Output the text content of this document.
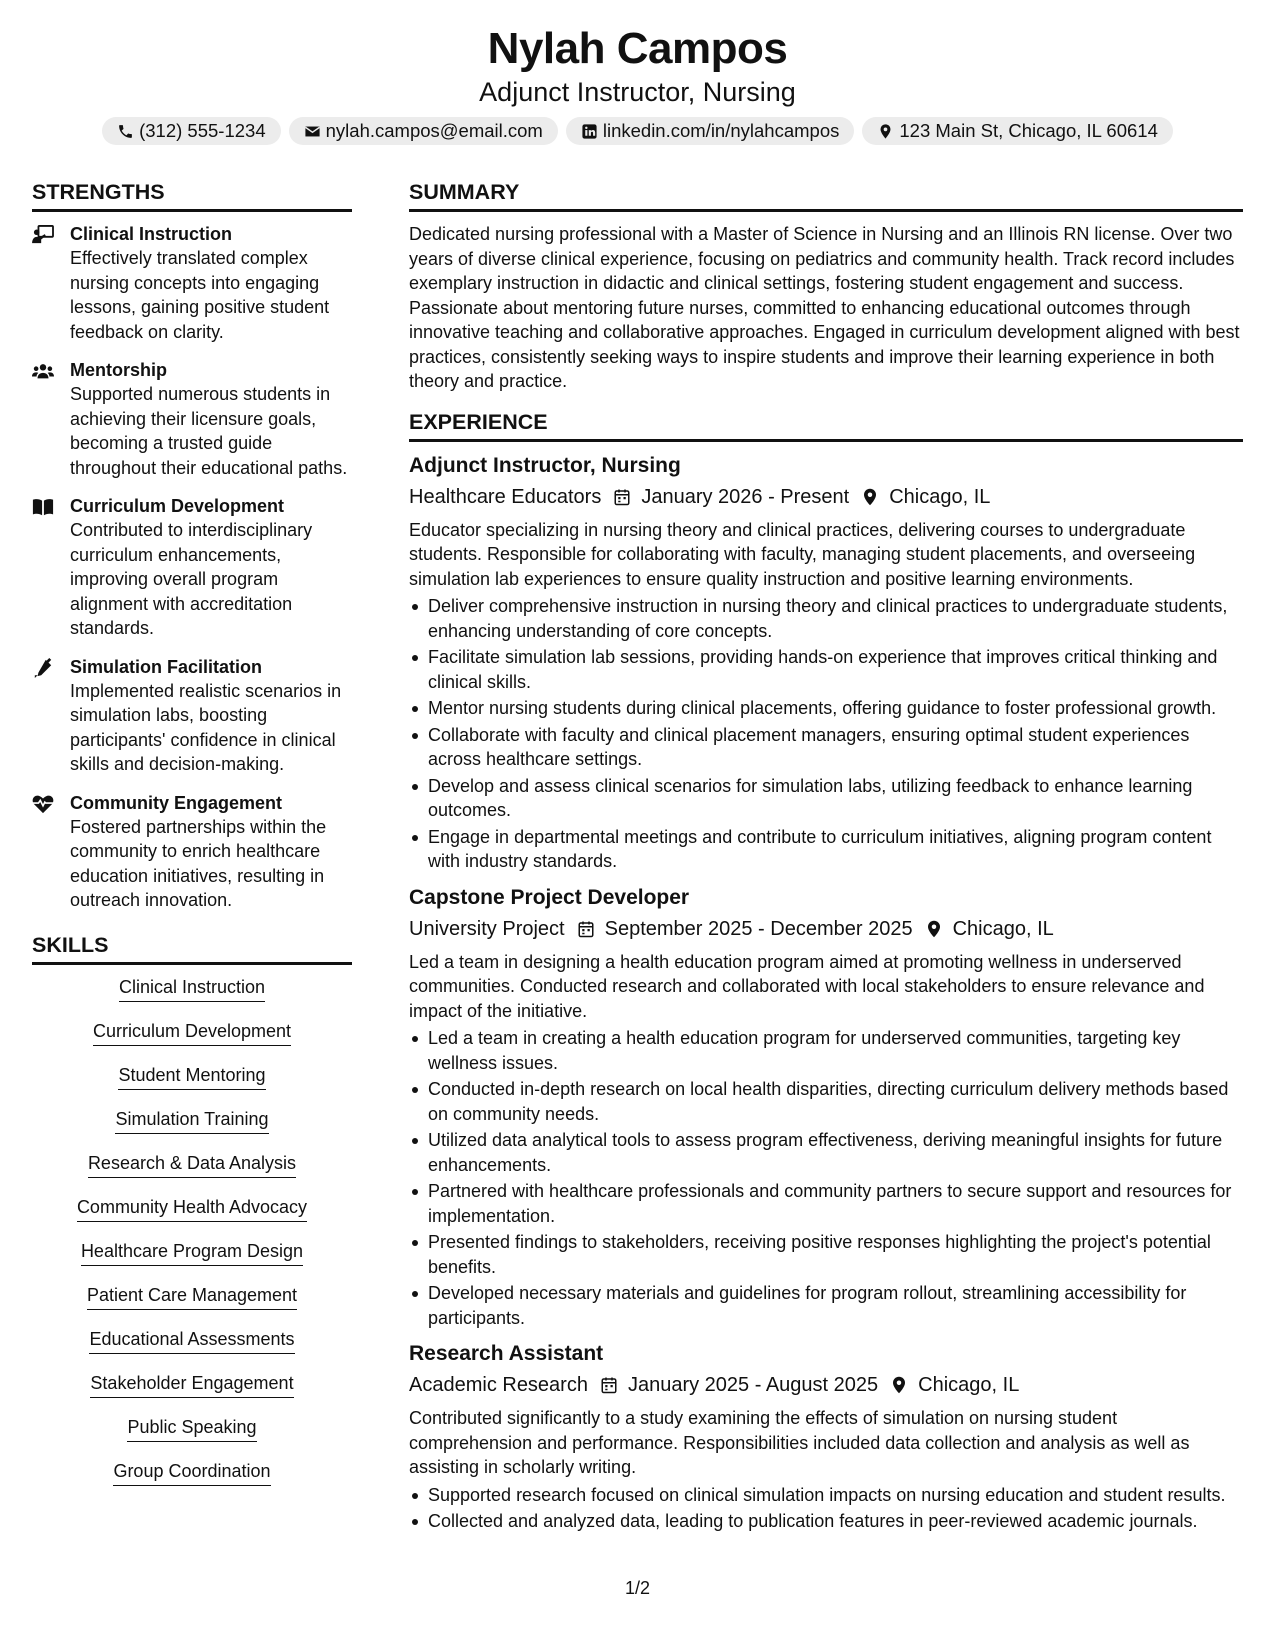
Nylah Campos
Adjunct Instructor, Nursing
(312) 555-1234	nylah.campos@email.com	linkedin.com/in/nylahcampos	123 Main St, Chicago, IL 60614
STRENGTHS
Clinical Instruction
Effectively translated complex nursing concepts into engaging lessons, gaining positive student feedback on clarity.
Mentorship
Supported numerous students in achieving their licensure goals, becoming a trusted guide throughout their educational paths.
Curriculum Development
Contributed to interdisciplinary curriculum enhancements, improving overall program alignment with accreditation standards.
Simulation Facilitation
Implemented realistic scenarios in simulation labs, boosting participants' confidence in clinical skills and decision-making.
Community Engagement
Fostered partnerships within the community to enrich healthcare education initiatives, resulting in outreach innovation.
SKILLS
Clinical Instruction
Curriculum Development
Student Mentoring
Simulation Training
Research & Data Analysis
Community Health Advocacy
Healthcare Program Design
Patient Care Management
Educational Assessments
Stakeholder Engagement
Public Speaking
Group Coordination
SUMMARY
Dedicated nursing professional with a Master of Science in Nursing and an Illinois RN license. Over two years of diverse clinical experience, focusing on pediatrics and community health. Track record includes exemplary instruction in didactic and clinical settings, fostering student engagement and success. Passionate about mentoring future nurses, committed to enhancing educational outcomes through innovative teaching and collaborative approaches. Engaged in curriculum development aligned with best practices, consistently seeking ways to inspire students and improve their learning experience in both theory and practice.
EXPERIENCE
Adjunct Instructor, Nursing
Healthcare Educators January 2026 - Present Chicago, IL
Educator specializing in nursing theory and clinical practices, delivering courses to undergraduate students. Responsible for collaborating with faculty, managing student placements, and overseeing simulation lab experiences to ensure quality instruction and positive learning environments.
Deliver comprehensive instruction in nursing theory and clinical practices to undergraduate students, enhancing understanding of core concepts.
Facilitate simulation lab sessions, providing hands-on experience that improves critical thinking and clinical skills.
Mentor nursing students during clinical placements, offering guidance to foster professional growth.
Collaborate with faculty and clinical placement managers, ensuring optimal student experiences across healthcare settings.
Develop and assess clinical scenarios for simulation labs, utilizing feedback to enhance learning outcomes.
Engage in departmental meetings and contribute to curriculum initiatives, aligning program content with industry standards.
Capstone Project Developer
University Project September 2025 - December 2025 Chicago, IL
Led a team in designing a health education program aimed at promoting wellness in underserved communities. Conducted research and collaborated with local stakeholders to ensure relevance and impact of the initiative.
Led a team in creating a health education program for underserved communities, targeting key wellness issues.
Conducted in-depth research on local health disparities, directing curriculum delivery methods based on community needs.
Utilized data analytical tools to assess program effectiveness, deriving meaningful insights for future enhancements.
Partnered with healthcare professionals and community partners to secure support and resources for implementation.
Presented findings to stakeholders, receiving positive responses highlighting the project's potential benefits.
Developed necessary materials and guidelines for program rollout, streamlining accessibility for participants.
Research Assistant
Academic Research January 2025 - August 2025 Chicago, IL
Contributed significantly to a study examining the effects of simulation on nursing student comprehension and performance. Responsibilities included data collection and analysis as well as assisting in scholarly writing.
Supported research focused on clinical simulation impacts on nursing education and student results.
Collected and analyzed data, leading to publication features in peer-reviewed academic journals.
1/2
